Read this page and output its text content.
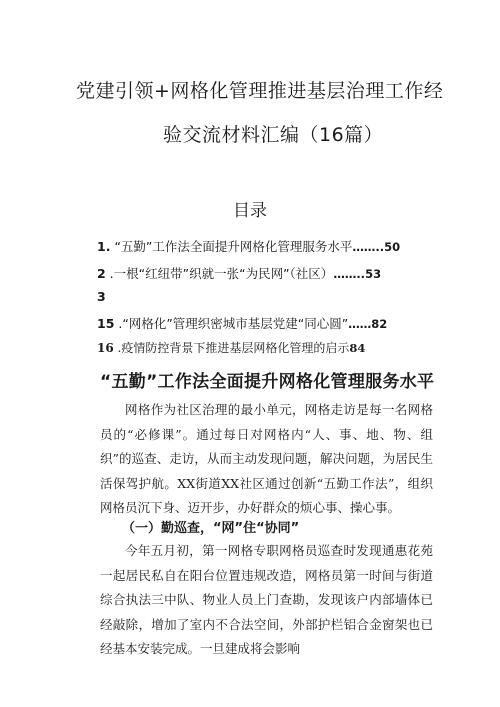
党建引领+网格化管理推进基层治理工作经
验交流材料汇编（16篇）
目录
1. “五勤”工作法全面提升网格化管理服务水平……..50
2 .一根“红纽带”织就一张“为民网”（社区）……..53
3
15 .“网格化”管理织密城市基层党建“同心圆”……82
16 .疫情防控背景下推进基层网格化管理的启示84
“五勤”工作法全面提升网格化管理服务水平
网格作为社区治理的最小单元，网格走访是每一名网格员的“必修课”。通过每日对网格内“人、事、地、物、组织”的巡查、走访，从而主动发现问题，解决问题，为居民生活保驾护航。XX街道XX社区通过创新“五勤工作法”，组织网格员沉下身、迈开步，办好群众的烦心事、操心事。
（一）勤巡查，“网”住“协同”
今年五月初，第一网格专职网格员巡查时发现通惠花苑一起居民私自在阳台位置违规改造，网格员第一时间与街道综合执法三中队、物业人员上门查勘，发现该户内部墙体已经敲除，增加了室内不合法空间，外部护栏铝合金窗架也已经基本安装完成。一旦建成将会影响
